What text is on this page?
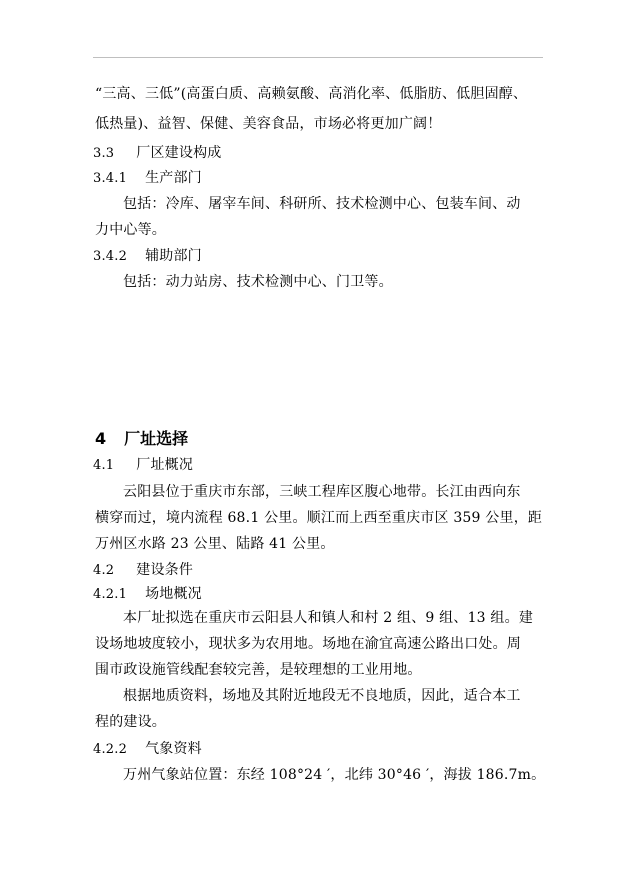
“三高、三低”(高蛋白质、高赖氨酸、高消化率、低脂肪、低胆固醇、
低热量)、益智、保健、美容食品，市场必将更加广阔！
3.3 厂区建设构成
3.4.1 生产部门
包括：冷库、屠宰车间、科研所、技术检测中心、包装车间、动
力中心等。
3.4.2 辅助部门
包括：动力站房、技术检测中心、门卫等。
4 厂址选择
4.1 厂址概况
云阳县位于重庆市东部，三峡工程库区腹心地带。长江由西向东
横穿而过，境内流程 68.1 公里。顺江而上西至重庆市区 359 公里，距
万州区水路 23 公里、陆路 41 公里。
4.2 建设条件
4.2.1 场地概况
本厂址拟选在重庆市云阳县人和镇人和村 2 组、9 组、13 组。建
设场地坡度较小，现状多为农用地。场地在渝宜高速公路出口处。周
围市政设施管线配套较完善，是较理想的工业用地。
根据地质资料，场地及其附近地段无不良地质，因此，适合本工
程的建设。
4.2.2 气象资料
万州气象站位置：东经 108°24 ′，北纬 30°46 ′，海拔 186.7m。
